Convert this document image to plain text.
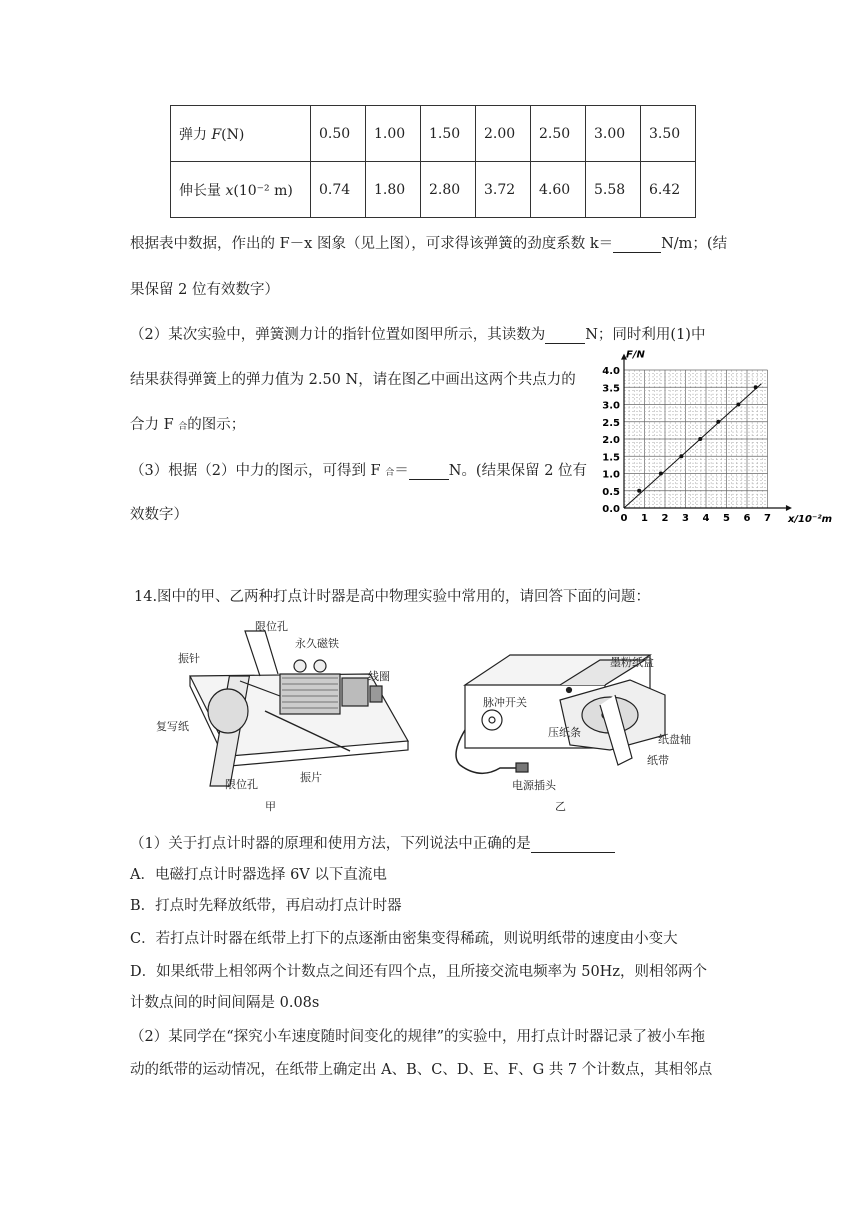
弹力 F(N)	0.50	1.00	1.50	2.00	2.50	3.00	3.50
伸长量 x(10⁻² m)	0.74	1.80	2.80	3.72	4.60	5.58	6.42
根据表中数据，作出的 F－x 图象（见上图），可求得该弹簧的劲度系数 k＝	N/m；(结
果保留 2 位有效数字）
（2）某次实验中，弹簧测力计的指针位置如图甲所示，其读数为	N；同时利用(1)中
结果获得弹簧上的弹力值为 2.50 N，请在图乙中画出这两个共点力的
合力 F 合的图示；
（3）根据（2）中力的图示，可得到 F 合＝	N。(结果保留 2 位有
效数字）	0.0
0.5
1.0
1.5
2.0
2.5
3.0
3.5
4.0
0 1 2 3 4 5 6 7
F/N
x/10⁻²m
14.图中的甲、乙两种打点计时器是高中物理实验中常用的，请回答下面的问题：
限位孔
永久磁铁
振针
线圈
复写纸
限位孔
振片
甲
墨粉纸盒
脉冲开关
压纸条
纸盘轴
纸带
电源插头
乙
（1）关于打点计时器的原理和使用方法，下列说法中正确的是
A．电磁打点计时器选择 6V 以下直流电
B．打点时先释放纸带，再启动打点计时器
C．若打点计时器在纸带上打下的点逐渐由密集变得稀疏，则说明纸带的速度由小变大
D．如果纸带上相邻两个计数点之间还有四个点，且所接交流电频率为 50Hz，则相邻两个
计数点间的时间间隔是 0.08s
（2）某同学在“探究小车速度随时间变化的规律”的实验中，用打点计时器记录了被小车拖
动的纸带的运动情况，在纸带上确定出 A、B、C、D、E、F、G 共 7 个计数点，其相邻点
